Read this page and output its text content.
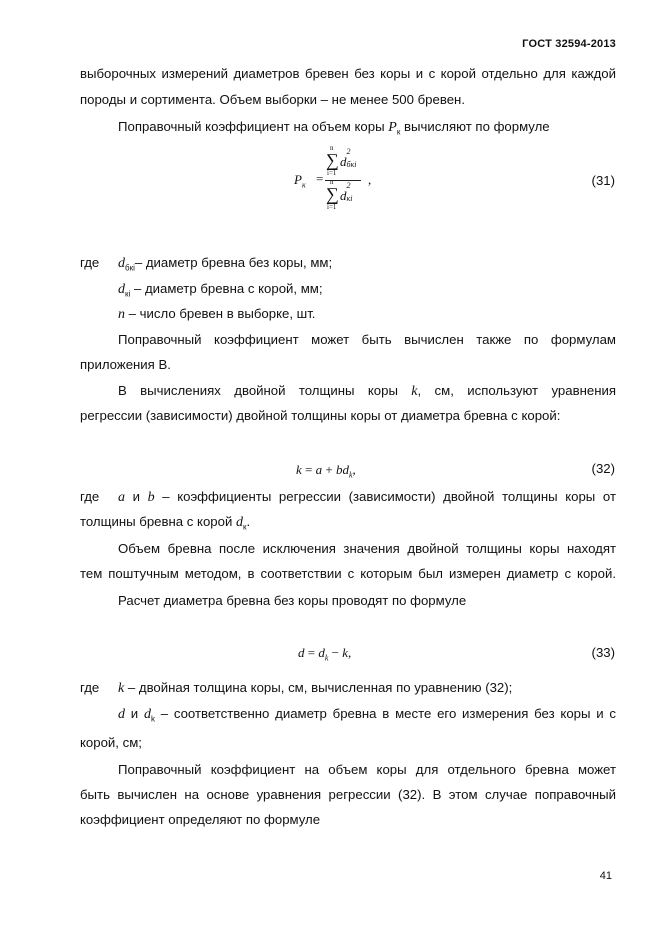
ГОСТ 32594-2013
выборочных измерений диаметров бревен без коры и с корой отдельно для каждой
породы и сортимента. Объем выборки – не менее 500 бревен.
Поправочный коэффициент на объем коры $P_к$ вычисляют по формуле
$P_к$ =
n
∑
i=1
d
2
бкi
n
∑
i=1
d
2
кi
,	(31)
где $d_{бкi}-$ диаметр бревна без коры, мм;
$d_{кi}$ – диаметр бревна с корой, мм;
n – число бревен в выборке, шт.
Поправочный коэффициент может быть вычислен также по формулам
приложения В.
В вычислениях двойной толщины коры k, см, используют уравнения
регрессии (зависимости) двойной толщины коры от диаметра бревна с корой:
$k = a + bd_k$,	(32)
где a и b – коэффициенты регрессии (зависимости) двойной толщины коры от
толщины бревна с корой $d_к$.
Объем бревна после исключения значения двойной толщины коры находят
тем поштучным методом, в соответствии с которым был измерен диаметр с корой.
Расчет диаметра бревна без коры проводят по формуле
$d = d_k - k$,	(33)
где k – двойная толщина коры, см, вычисленная по уравнению (32);
d и $d_k$ – соответственно диаметр бревна в месте его измерения без коры и с
корой, см;
Поправочный коэффициент на объем коры для отдельного бревна может
быть вычислен на основе уравнения регрессии (32). В этом случае поправочный
коэффициент определяют по формуле
41
